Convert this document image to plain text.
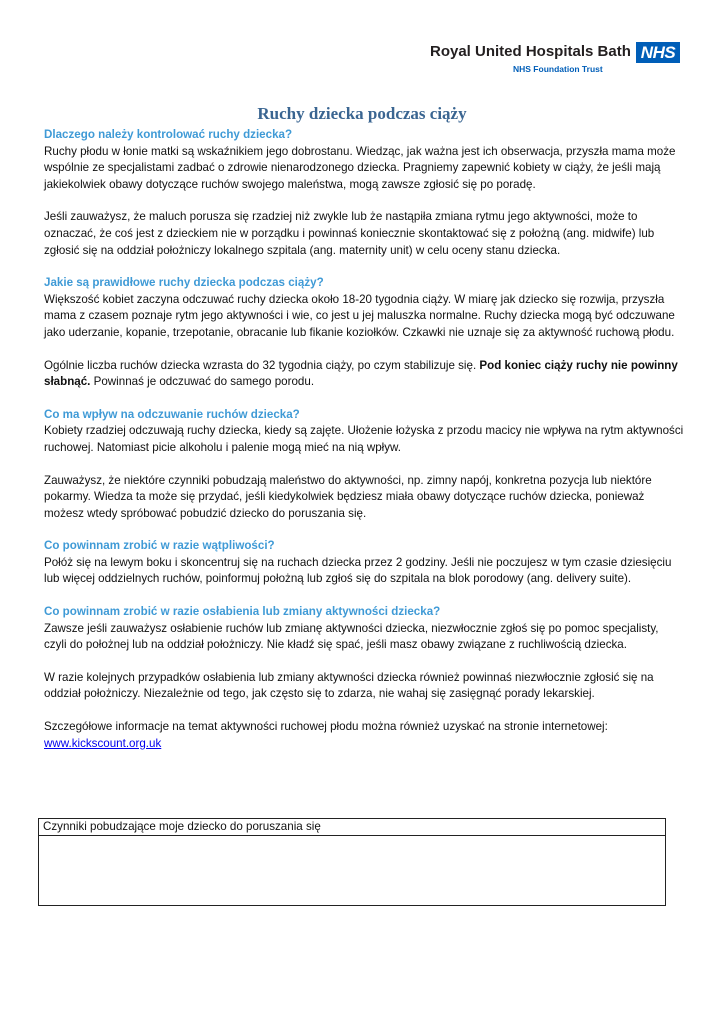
Royal United Hospitals Bath
NHS Foundation Trust
NHS
Ruchy dziecka podczas ciąży
Dlaczego należy kontrolować ruchy dziecka?

Ruchy płodu w łonie matki są wskaźnikiem jego dobrostanu. Wiedząc, jak ważna jest ich obserwacja, przyszła mama może wspólnie ze specjalistami zadbać o zdrowie nienarodzonego dziecka. Pragniemy zapewnić kobiety w ciąży, że jeśli mają jakiekolwiek obawy dotyczące ruchów swojego maleństwa, mogą zawsze zgłosić się po poradę.

Jeśli zauważysz, że maluch porusza się rzadziej niż zwykle lub że nastąpiła zmiana rytmu jego aktywności, może to oznaczać, że coś jest z dzieckiem nie w porządku i powinnaś koniecznie skontaktować się z położną (ang. midwife) lub zgłosić się na oddział położniczy lokalnego szpitala (ang. maternity unit) w celu oceny stanu dziecka.

Jakie są prawidłowe ruchy dziecka podczas ciąży?

Większość kobiet zaczyna odczuwać ruchy dziecka około 18-20 tygodnia ciąży. W miarę jak dziecko się rozwija, przyszła mama z czasem poznaje rytm jego aktywności i wie, co jest u jej maluszka normalne. Ruchy dziecka mogą być odczuwane jako uderzanie, kopanie, trzepotanie, obracanie lub fikanie koziołków. Czkawki nie uznaje się za aktywność ruchową płodu.

Ogólnie liczba ruchów dziecka wzrasta do 32 tygodnia ciąży, po czym stabilizuje się. Pod koniec ciąży ruchy nie powinny słabnąć. Powinnaś je odczuwać do samego porodu.

Co ma wpływ na odczuwanie ruchów dziecka?

Kobiety rzadziej odczuwają ruchy dziecka, kiedy są zajęte. Ułożenie łożyska z przodu macicy nie wpływa na rytm aktywności ruchowej. Natomiast picie alkoholu i palenie mogą mieć na nią wpływ.

Zauważysz, że niektóre czynniki pobudzają maleństwo do aktywności, np. zimny napój, konkretna pozycja lub niektóre pokarmy. Wiedza ta może się przydać, jeśli kiedykolwiek będziesz miała obawy dotyczące ruchów dziecka, ponieważ możesz wtedy spróbować pobudzić dziecko do poruszania się.

Co powinnam zrobić w razie wątpliwości?

Połóż się na lewym boku i skoncentruj się na ruchach dziecka przez 2 godziny. Jeśli nie poczujesz w tym czasie dziesięciu lub więcej oddzielnych ruchów, poinformuj położną lub zgłoś się do szpitala na blok porodowy (ang. delivery suite).

Co powinnam zrobić w razie osłabienia lub zmiany aktywności dziecka?

Zawsze jeśli zauważysz osłabienie ruchów lub zmianę aktywności dziecka, niezwłocznie zgłoś się po pomoc specjalisty, czyli do położnej lub na oddział położniczy. Nie kładź się spać, jeśli masz obawy związane z ruchliwością dziecka.

W razie kolejnych przypadków osłabienia lub zmiany aktywności dziecka również powinnaś niezwłocznie zgłosić się na oddział położniczy. Niezależnie od tego, jak często się to zdarza, nie wahaj się zasięgnąć porady lekarskiej.

Szczegółowe informacje na temat aktywności ruchowej płodu można również uzyskać na stronie internetowej: www.kickscount.org.uk

Czynniki pobudzające moje dziecko do poruszania się
